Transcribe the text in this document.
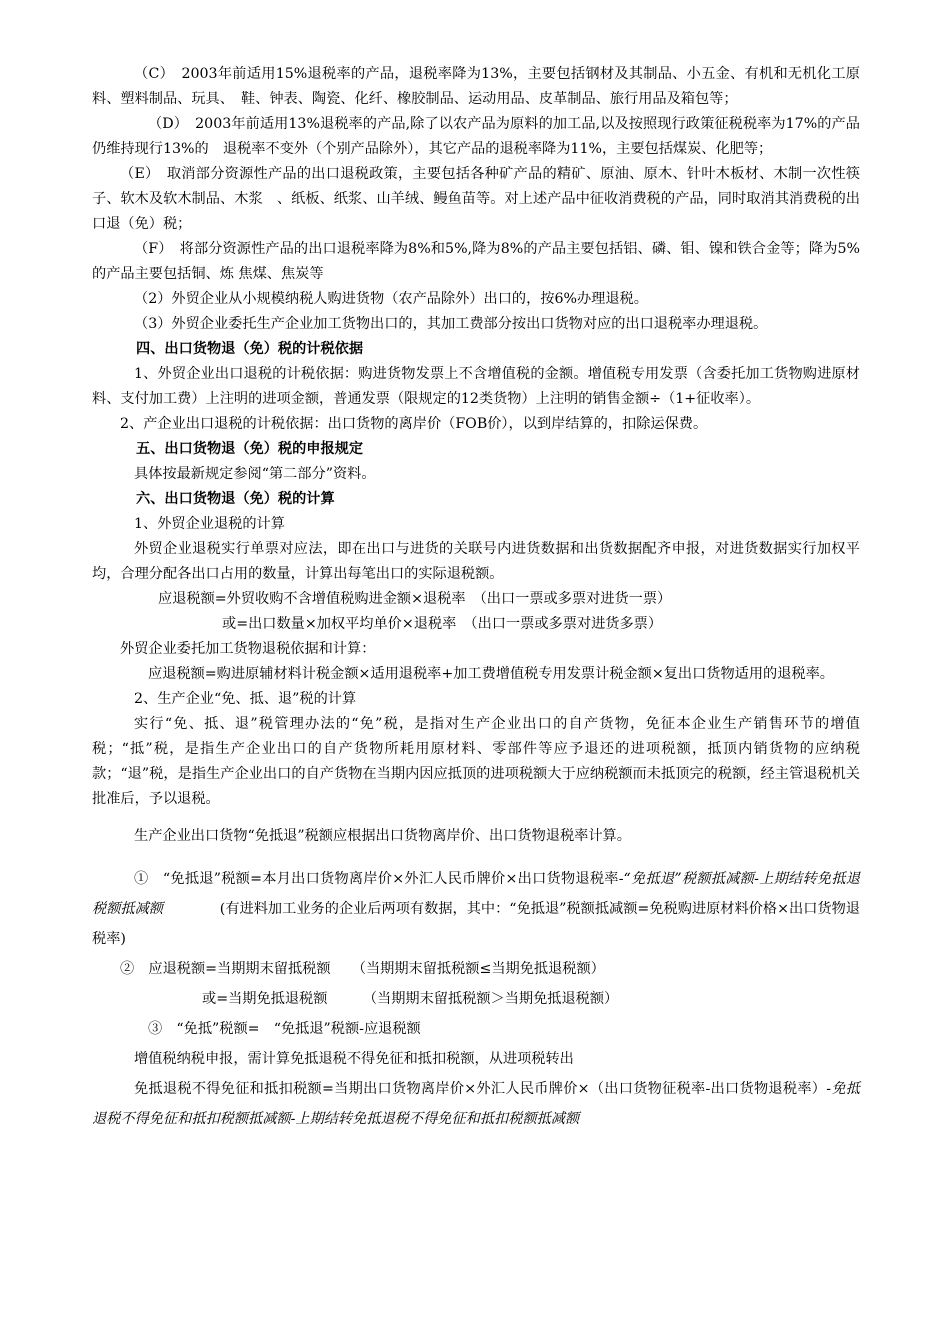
（C）　2003年前适用15%退税率的产品，退税率降为13%，主要包括钢材及其制品、小五金、有机和无机化工原料、塑料制品、玩具、　鞋、钟表、陶瓷、化纤、橡胶制品、运动用品、皮革制品、旅行用品及箱包等；

（D）　2003年前适用13%退税率的产品,除了以农产品为原料的加工品,以及按照现行政策征税税率为17%的产品仍维持现行13%的　退税率不变外（个别产品除外），其它产品的退税率降为11%，主要包括煤炭、化肥等；

（E）　取消部分资源性产品的出口退税政策，主要包括各种矿产品的精矿、原油、原木、针叶木板材、木制一次性筷子、软木及软木制品、木浆　、纸板、纸浆、山羊绒、鳗鱼苗等。对上述产品中征收消费税的产品，同时取消其消费税的出口退（免）税；

（F）　将部分资源性产品的出口退税率降为8%和5%,降为8%的产品主要包括铝、磷、钼、镍和铁合金等；降为5%的产品主要包括铜、炼 焦煤、焦炭等

（2）外贸企业从小规模纳税人购进货物（农产品除外）出口的，按6%办理退税。

（3）外贸企业委托生产企业加工货物出口的，其加工费部分按出口货物对应的出口退税率办理退税。

四、出口货物退（免）税的计税依据

1、外贸企业出口退税的计税依据：购进货物发票上不含增值税的金额。增值税专用发票（含委托加工货物购进原材料、支付加工费）上注明的进项金额，普通发票（限规定的12类货物）上注明的销售金额÷（1+征收率）。

2、产企业出口退税的计税依据：出口货物的离岸价（FOB价），以到岸结算的，扣除运保费。

五、出口货物退（免）税的申报规定

具体按最新规定参阅“第二部分”资料。

六、出口货物退（免）税的计算

1、外贸企业退税的计算

外贸企业退税实行单票对应法，即在出口与进货的关联号内进货数据和出货数据配齐申报，对进货数据实行加权平均，合理分配各出口占用的数量，计算出每笔出口的实际退税额。

应退税额=外贸收购不含增值税购进金额×退税率　（出口一票或多票对进货一票）

或=出口数量×加权平均单价×退税率　（出口一票或多票对进货多票）

外贸企业委托加工货物退税依据和计算：

应退税额=购进原辅材料计税金额×适用退税率+加工费增值税专用发票计税金额×复出口货物适用的退税率。

2、生产企业“免、抵、退”税的计算

实行“免、抵、退”税管理办法的“免”税，是指对生产企业出口的自产货物，免征本企业生产销售环节的增值税；“抵”税，是指生产企业出口的自产货物所耗用原材料、零部件等应予退还的进项税额，抵顶内销货物的应纳税款；“退”税，是指生产企业出口的自产货物在当期内因应抵顶的进项税额大于应纳税额而未抵顶完的税额，经主管退税机关批准后，予以退税。

生产企业出口货物“免抵退”税额应根据出口货物离岸价、出口货物退税率计算。

①　“免抵退”税额=本月出口货物离岸价×外汇人民币牌价×出口货物退税率-“免抵退”税额抵减额-上期结转免抵退税额抵减额　　　　(有进料加工业务的企业后两项有数据，其中：“免抵退”税额抵减额=免税购进原材料价格×出口货物退税率)

②　应退税额=当期期末留抵税额　　（当期期末留抵税额≤当期免抵退税额）

或=当期免抵退税额　　　（当期期末留抵税额＞当期免抵退税额）

③　“免抵”税额=　“免抵退”税额-应退税额

增值税纳税申报，需计算免抵退税不得免征和抵扣税额，从进项税转出

免抵退税不得免征和抵扣税额=当期出口货物离岸价×外汇人民币牌价×（出口货物征税率-出口货物退税率）-免抵退税不得免征和抵扣税额抵减额-上期结转免抵退税不得免征和抵扣税额抵减额
